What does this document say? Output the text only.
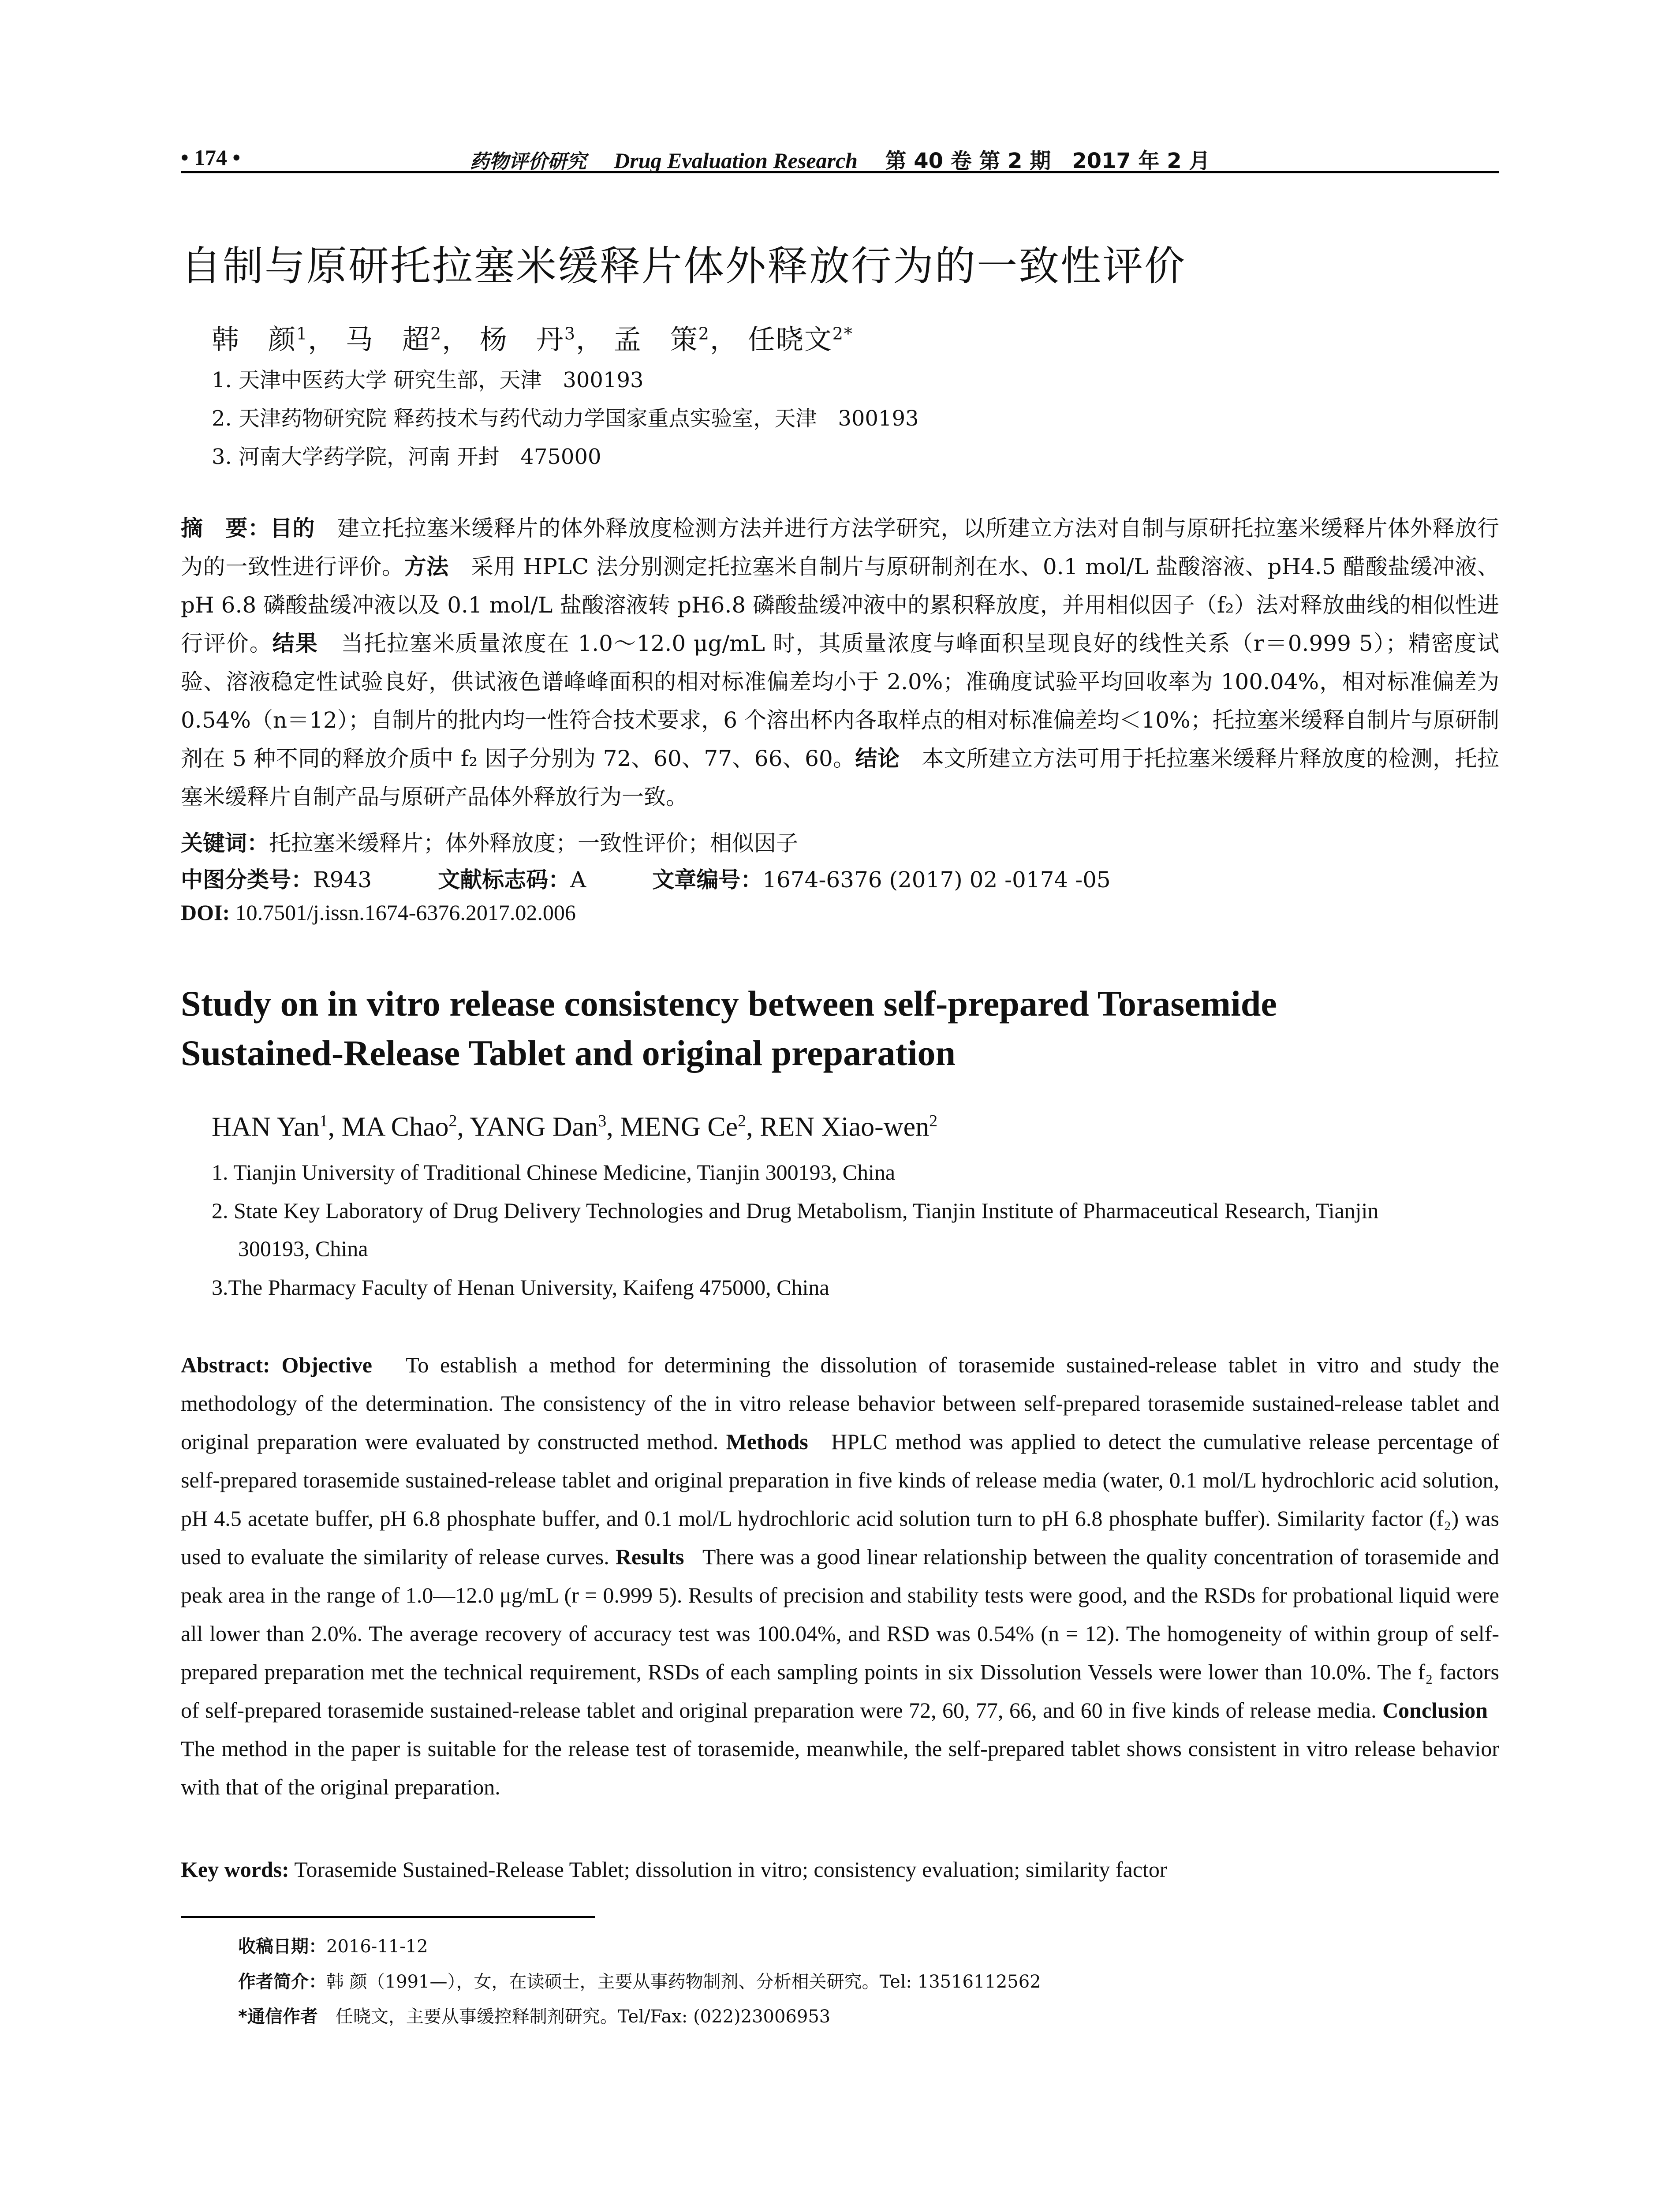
• 174 •	药物评价研究 Drug Evaluation Research 第 40 卷 第 2 期　2017 年 2 月
自制与原研托拉塞米缓释片体外释放行为的一致性评价
韩　颜$^1$， 马　超$^2$， 杨　丹$^3$， 孟　策$^2$， 任晓文$^{2*}$
1. 天津中医药大学 研究生部，天津　300193
2. 天津药物研究院 释药技术与药代动力学国家重点实验室，天津　300193
3. 河南大学药学院，河南 开封　475000
摘　要：目的　 建立托拉塞米缓释片的体外释放度检测方法并进行方法学研究，以所建立方法对自制与原研托拉塞米缓释片体外释放行为的一致性进行评价。方法　 采用 HPLC 法分别测定托拉塞米自制片与原研制剂在水、0.1 mol/L 盐酸溶液、pH4.5 醋酸盐缓冲液、pH 6.8 磷酸盐缓冲液以及 0.1 mol/L 盐酸溶液转 pH6.8 磷酸盐缓冲液中的累积释放度，并用相似因子（f₂）法对释放曲线的相似性进行评价。结果　 当托拉塞米质量浓度在 1.0～12.0 μg/mL 时，其质量浓度与峰面积呈现良好的线性关系（r＝0.999 5）；精密度试验、溶液稳定性试验良好，供试液色谱峰峰面积的相对标准偏差均小于 2.0%；准确度试验平均回收率为 100.04%，相对标准偏差为 0.54%（n＝12）；自制片的批内均一性符合技术要求，6 个溶出杯内各取样点的相对标准偏差均＜10%；托拉塞米缓释自制片与原研制剂在 5 种不同的释放介质中 f₂ 因子分别为 72、60、77、66、60。结论　 本文所建立方法可用于托拉塞米缓释片释放度的检测，托拉塞米缓释片自制产品与原研产品体外释放行为一致。
关键词：托拉塞米缓释片；体外释放度；一致性评价；相似因子
中图分类号：R943	文献标志码：A	文章编号：1674-6376 (2017) 02 -0174 -05
DOI: 10.7501/j.issn.1674-6376.2017.02.006
Study on in vitro release consistency between self-prepared Torasemide
Sustained-Release Tablet and original preparation
HAN Yan$^1$, MA Chao$^2$, YANG Dan$^3$, MENG Ce$^2$, REN Xiao-wen$^2$
1. Tianjin University of Traditional Chinese Medicine, Tianjin 300193, China
2. State Key Laboratory of Drug Delivery Technologies and Drug Metabolism, Tianjin Institute of Pharmaceutical Research, Tianjin
300193, China
3.The Pharmacy Faculty of Henan University, Kaifeng 475000, China
Abstract: Objective To establish a method for determining the dissolution of torasemide sustained-release tablet in vitro and study the methodology of the determination. The consistency of the in vitro release behavior between self-prepared torasemide sustained-release tablet and original preparation were evaluated by constructed method. Methods HPLC method was applied to detect the cumulative release percentage of self-prepared torasemide sustained-release tablet and original preparation in five kinds of release media (water, 0.1 mol/L hydrochloric acid solution, pH 4.5 acetate buffer, pH 6.8 phosphate buffer, and 0.1 mol/L hydrochloric acid solution turn to pH 6.8 phosphate buffer). Similarity factor (f₂) was used to evaluate the similarity of release curves. Results There was a good linear relationship between the quality concentration of torasemide and peak area in the range of 1.0—12.0 μg/mL (r = 0.999 5). Results of precision and stability tests were good, and the RSDs for probational liquid were all lower than 2.0%. The average recovery of accuracy test was 100.04%, and RSD was 0.54% (n = 12). The homogeneity of within group of self-prepared preparation met the technical requirement, RSDs of each sampling points in six Dissolution Vessels were lower than 10.0%. The f₂ factors of self-prepared torasemide sustained-release tablet and original preparation were 72, 60, 77, 66, and 60 in five kinds of release media. Conclusion   The method in the paper is suitable for the release test of torasemide, meanwhile, the self-prepared tablet shows consistent in vitro release behavior with that of the original preparation.
Key words: Torasemide Sustained-Release Tablet; dissolution in vitro; consistency evaluation; similarity factor
收稿日期：2016-11-12
作者简介：韩 颜（1991—），女，在读硕士，主要从事药物制剂、分析相关研究。Tel: 13516112562
*通信作者　任晓文，主要从事缓控释制剂研究。Tel/Fax: (022)23006953
